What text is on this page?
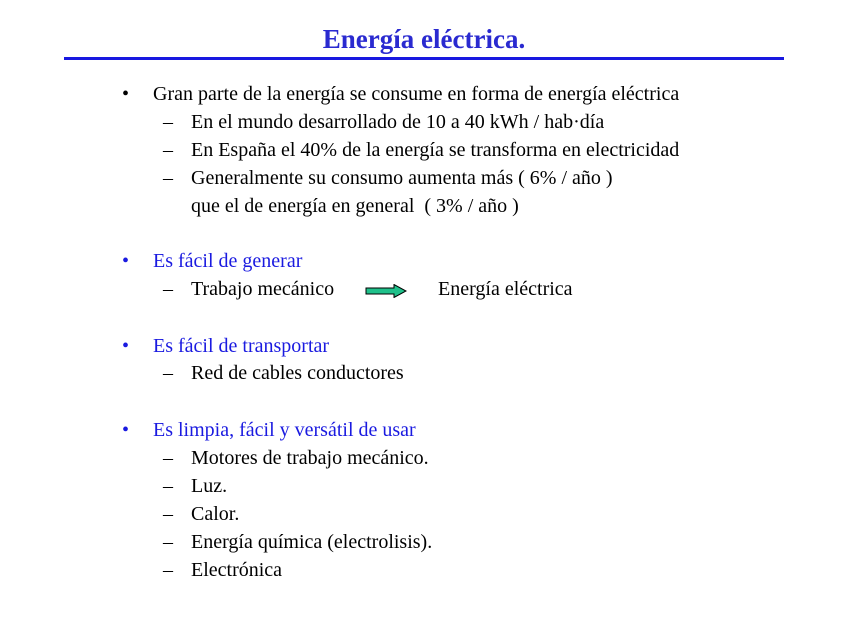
Energía eléctrica.
• Gran parte de la energía se consume en forma de energía eléctrica
– En el mundo desarrollado de 10 a 40 kWh / hab·día
– En España el 40% de la energía se transforma en electricidad
– Generalmente su consumo aumenta más ( 6% / año )
que el de energía en general  ( 3% / año )
• Es fácil de generar
– Trabajo mecánico	Energía eléctrica
• Es fácil de transportar
– Red de cables conductores
• Es limpia, fácil y versátil de usar
– Motores de trabajo mecánico.
– Luz.
– Calor.
– Energía química (electrolisis).
– Electrónica
